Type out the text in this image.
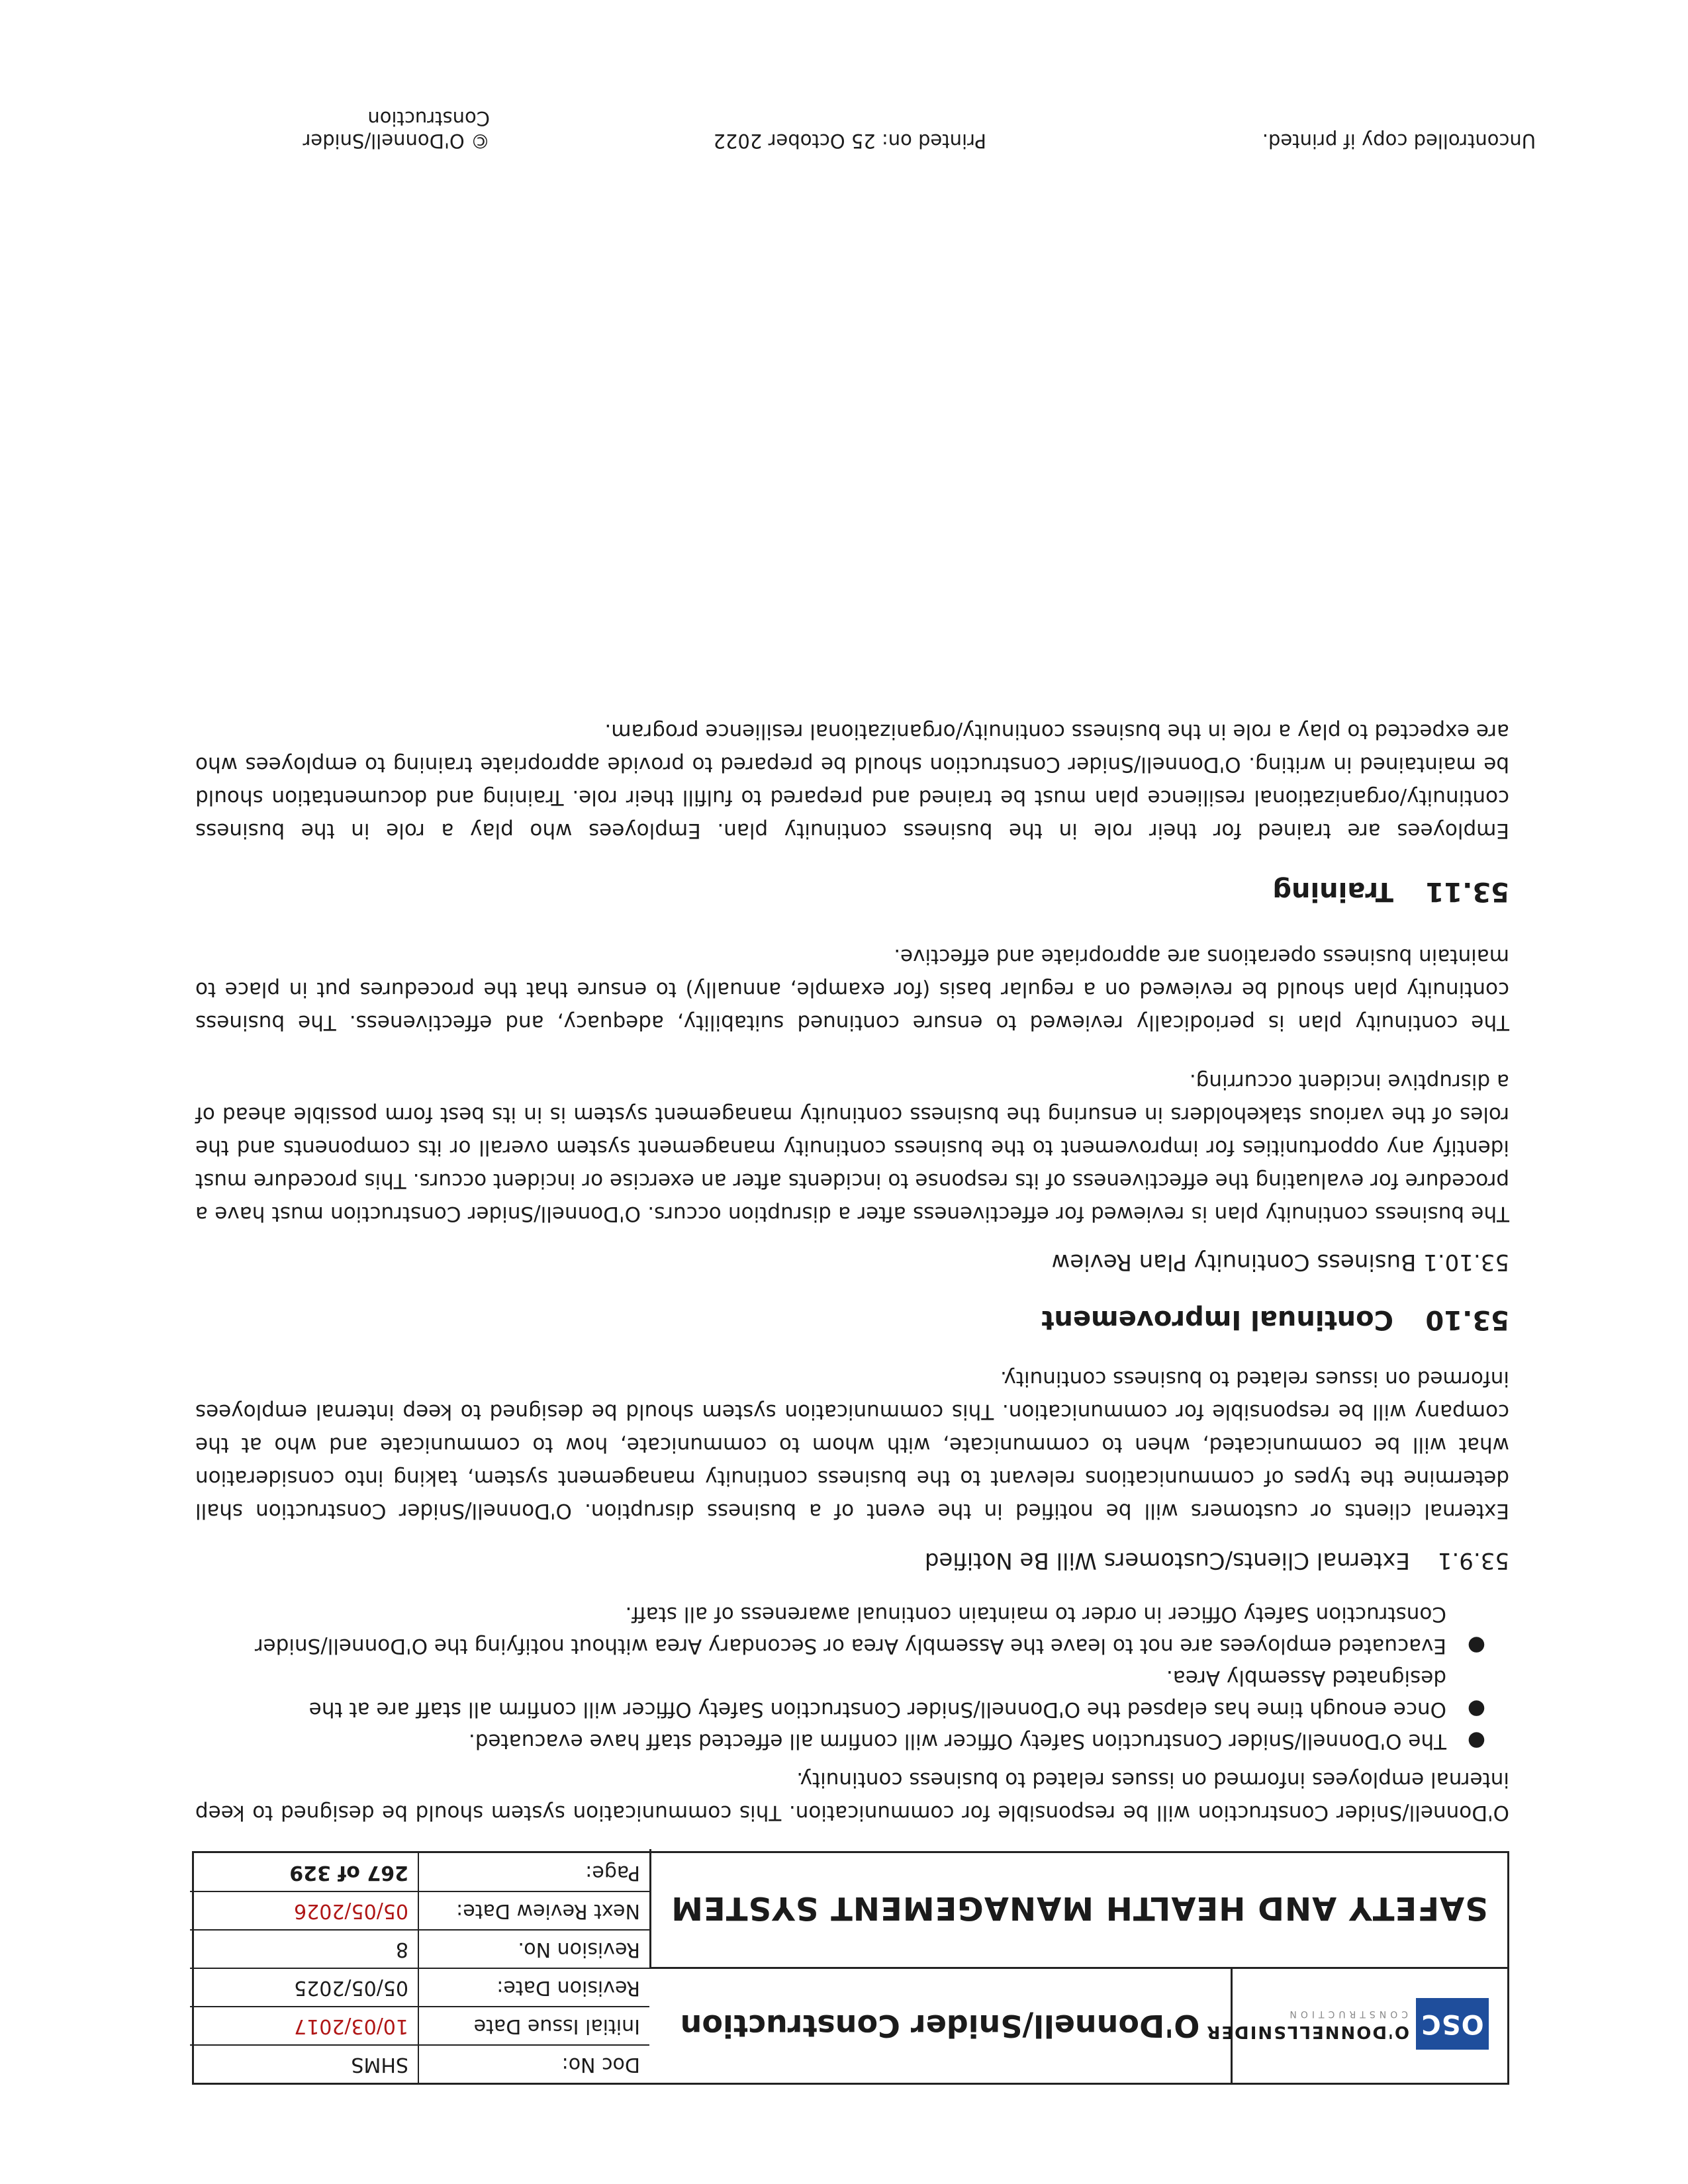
OSC
O'DONNELLSNIDER
CONSTRUCTION
O'Donnell/Snider Construction
SAFETY AND HEALTH MANAGEMENT SYSTEM
Doc No:
SHMS
Initial Issue Date
10/03/2017
Revision Date:
05/05/2025
Revision No.
8
Next Review Date:
05/05/2026
Page:
267 of 329

O'Donnell/Snider Construction will be responsible for communication. This communication system should be designed to keep internal employees informed on issues related to business continuity.

●
The O'Donnell/Snider Construction Safety Officer will confirm all effected staff have evacuated.
●
Once enough time has elapsed the O'Donnell/Snider Construction Safety Officer will confirm all staff are at the designated Assembly Area.
●
Evacuated employees are not to leave the Assembly Area or Secondary Area without notifying the O'Donnell/Snider Construction Safety Officer in order to maintain continual awareness of all staff.
53.9.1External Clients/Customers Will Be Notified

External clients or customers will be notified in the event of a business disruption. O'Donnell/Snider Construction shall determine the types of communications relevant to the business continuity management system, taking into consideration what will be communicated, when to communicate, with whom to communicate, how to communicate and who at the company will be responsible for communication. This communication system should be designed to keep internal employees informed on issues related to business continuity.

53.10Continual Improvement
53.10.1 Business Continuity Plan Review

The business continuity plan is reviewed for effectiveness after a disruption occurs. O'Donnell/Snider Construction must have a procedure for evaluating the effectiveness of its response to incidents after an exercise or incident occurs. This procedure must identify any opportunities for improvement to the business continuity management system overall or its components and the roles of the various stakeholders in ensuring the business continuity management system is in its best form possible ahead of a disruptive incident occurring.

The continuity plan is periodically reviewed to ensure continued suitability, adequacy, and effectiveness. The business continuity plan should be reviewed on a regular basis (for example, annually) to ensure that the procedures put in place to maintain business operations are appropriate and effective.

53.11Training

Employees are trained for their role in the business continuity plan. Employees who play a role in the business continuity/organizational resilience plan must be trained and prepared to fulfill their role. Training and documentation should be maintained in writing. O'Donnell/Snider Construction should be prepared to provide appropriate training to employees who are expected to play a role in the business continuity/organizational resilience program.

Uncontrolled copy if printed.
Printed on: 25 October 2022
© O'Donnell/Snider Construction
